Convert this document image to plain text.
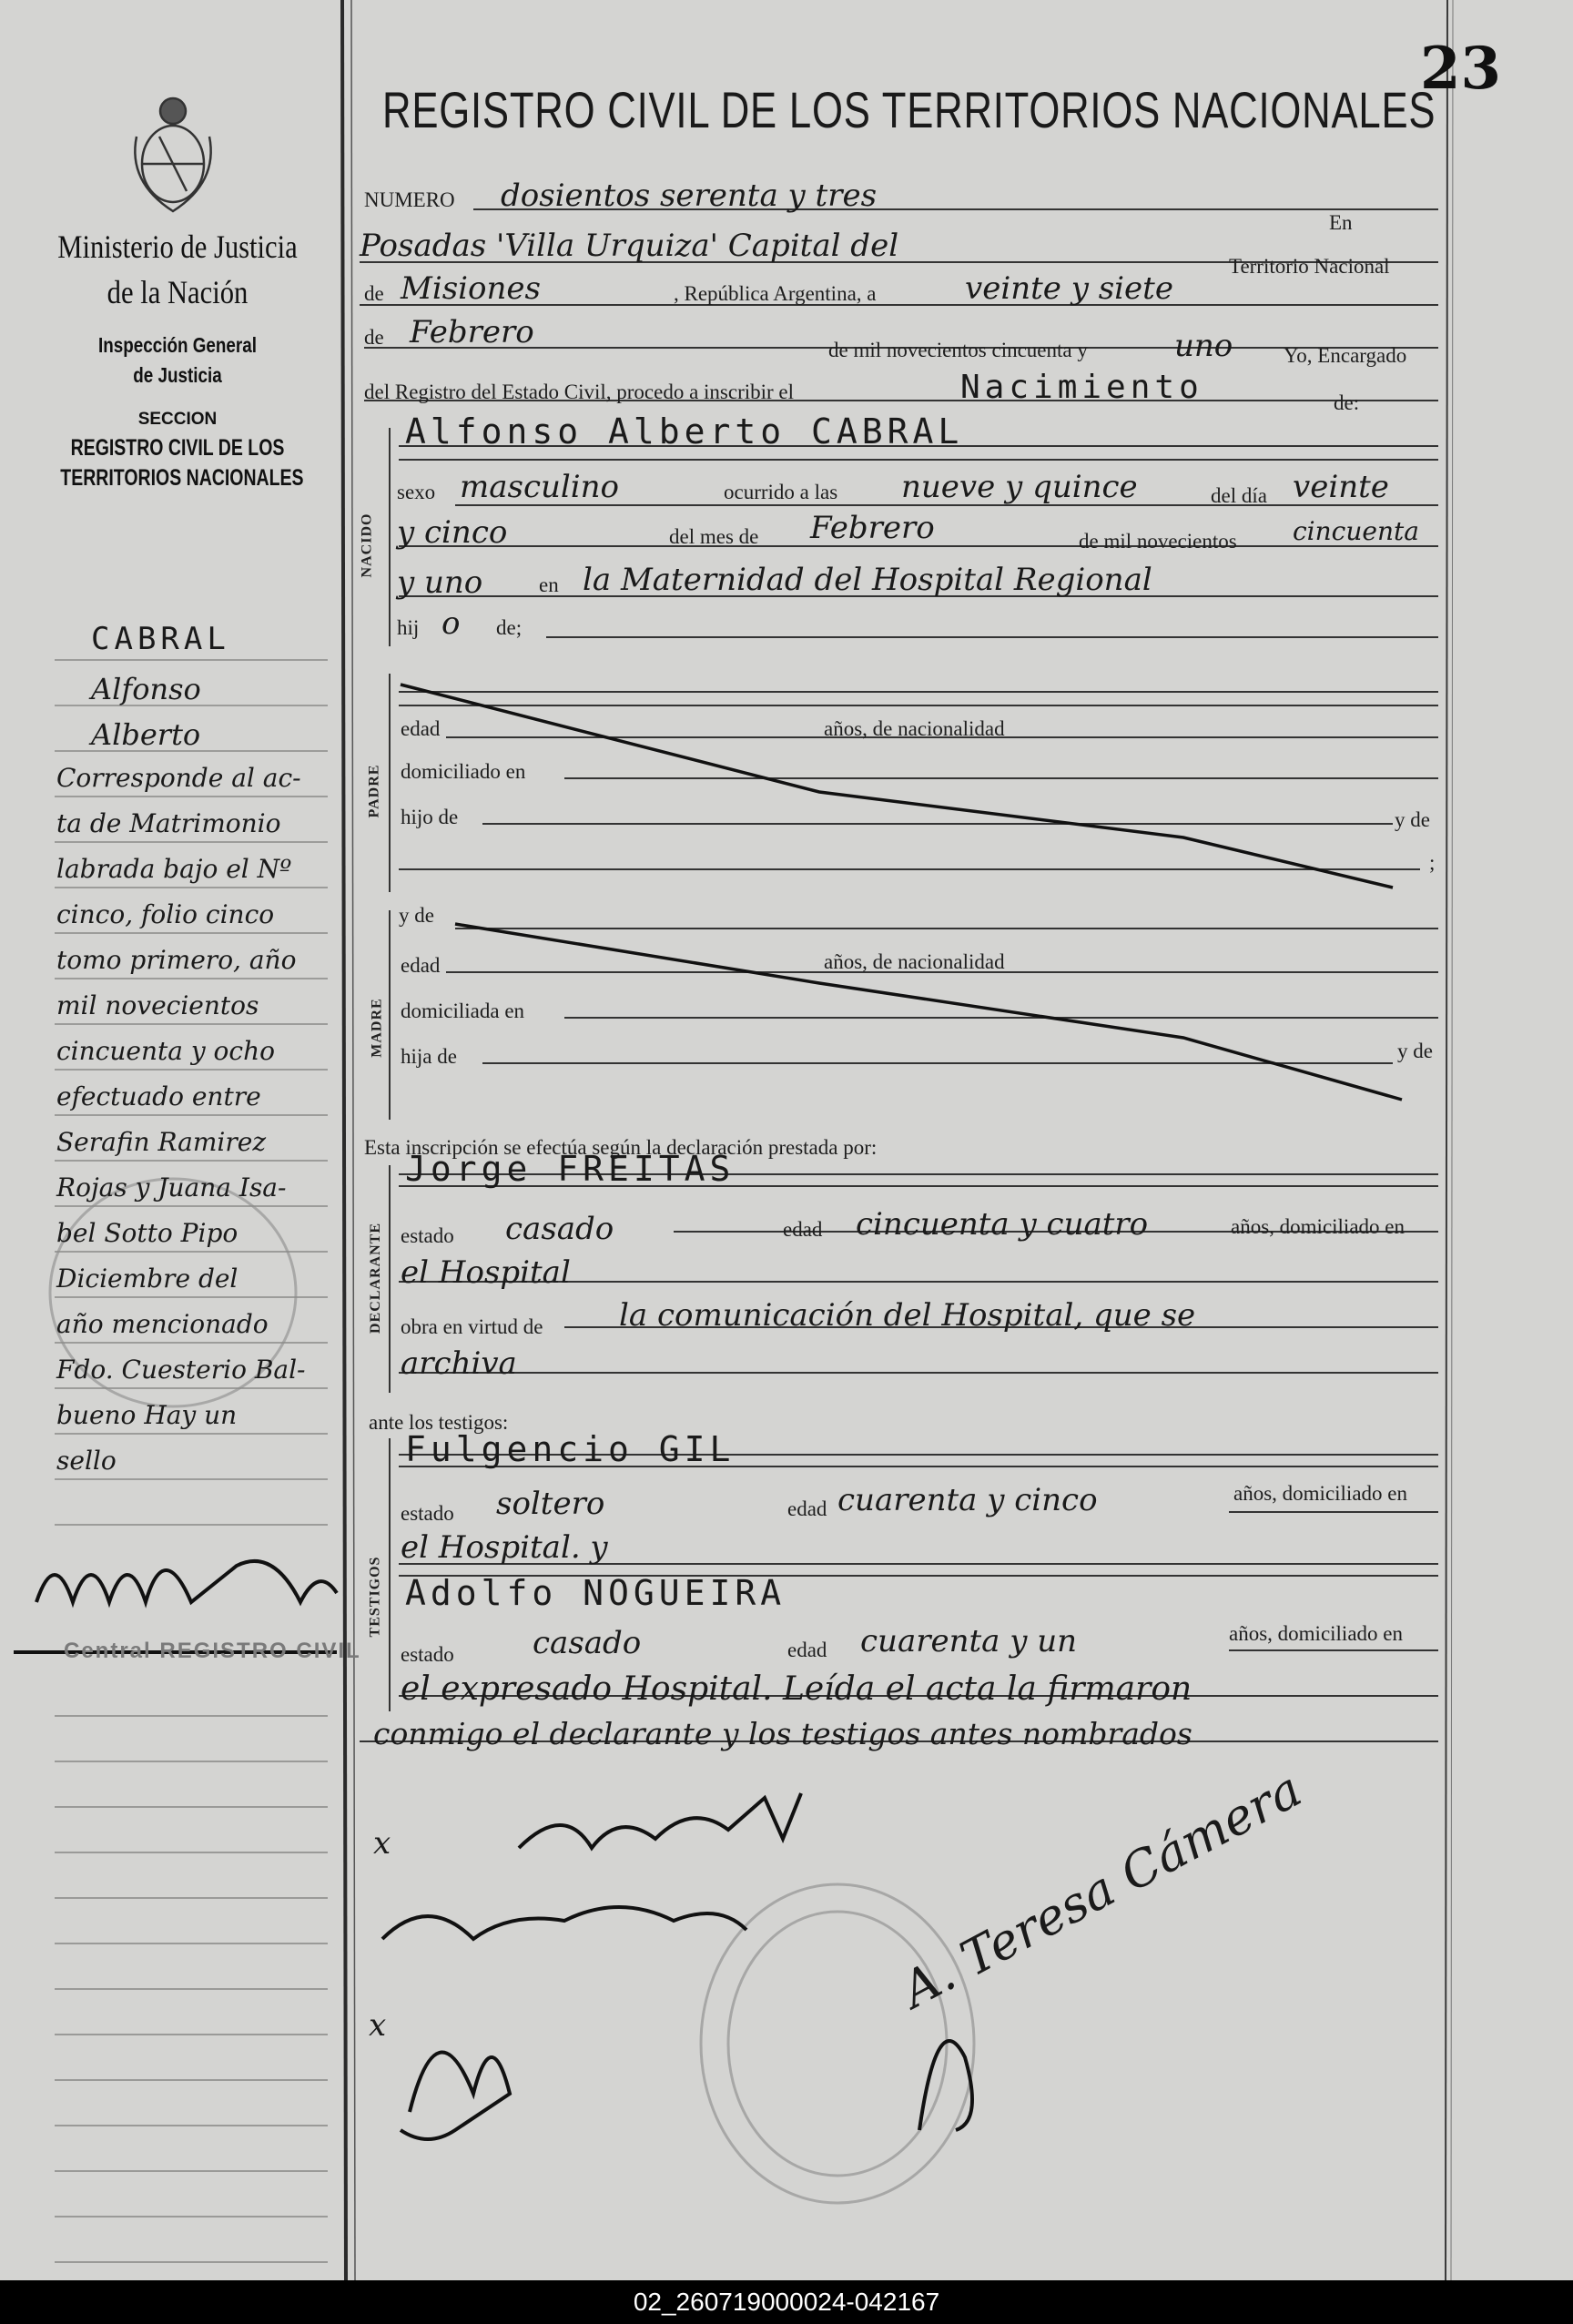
23
REGISTRO CIVIL DE LOS TERRITORIOS NACIONALES
Ministerio de Justicia
de la Nación
Inspección General
de Justicia
SECCION
REGISTRO CIVIL DE LOS
TERRITORIOS NACIONALES
CABRAL
Alfonso
Alberto
Corresponde al ac-
ta de Matrimonio
labrada bajo el Nº
cinco, folio cinco
tomo primero, año
mil novecientos
cincuenta y ocho
efectuado entre
Serafin Ramirez
Rojas y Juana Isa-
bel Sotto Pipo
Diciembre del
año mencionado
Fdo. Cuesterio Bal-
bueno Hay un
sello
Central REGISTRO CIVIL
NUMERO dosientos serenta y tres
En
Posadas 'Villa Urquiza' Capital del
Territorio Nacional
de Misiones	, República Argentina, a	veinte y siete
de Febrero	de mil novecientos cincuenta y	uno Yo, Encargado
del Registro del Estado Civil, procedo a inscribir el	Nacimiento	de:
Alfonso Alberto CABRAL
NACIDO
sexo masculino	ocurrido a las nueve y quince	del día veinte
y cinco	del mes de Febrero	de mil novecientos cincuenta
y uno	en la Maternidad del Hospital Regional
hij o de;
PADRE
edad	años, de nacionalidad
domiciliado en
hijo de	y de
;
MADRE
y de
edad	años, de nacionalidad
domiciliada en
hija de	y de
Esta inscripción se efectúa según la declaración prestada por:
DECLARANTE
Jorge FREITAS
estado casado	edad cincuenta y cuatro	años, domiciliado en
el Hospital
obra en virtud de la comunicación del Hospital, que se
archiva
ante los testigos:
TESTIGOS
Fulgencio GIL
estado soltero	edad cuarenta y cinco	años, domiciliado en
el Hospital. y
Adolfo NOGUEIRA
estado	casado	edad cuarenta y un	años, domiciliado en
el expresado Hospital. Leída el acta la firmaron
conmigo el declarante y los testigos antes nombrados
x
x
A. Teresa Cámera
02_260719000024-042167
